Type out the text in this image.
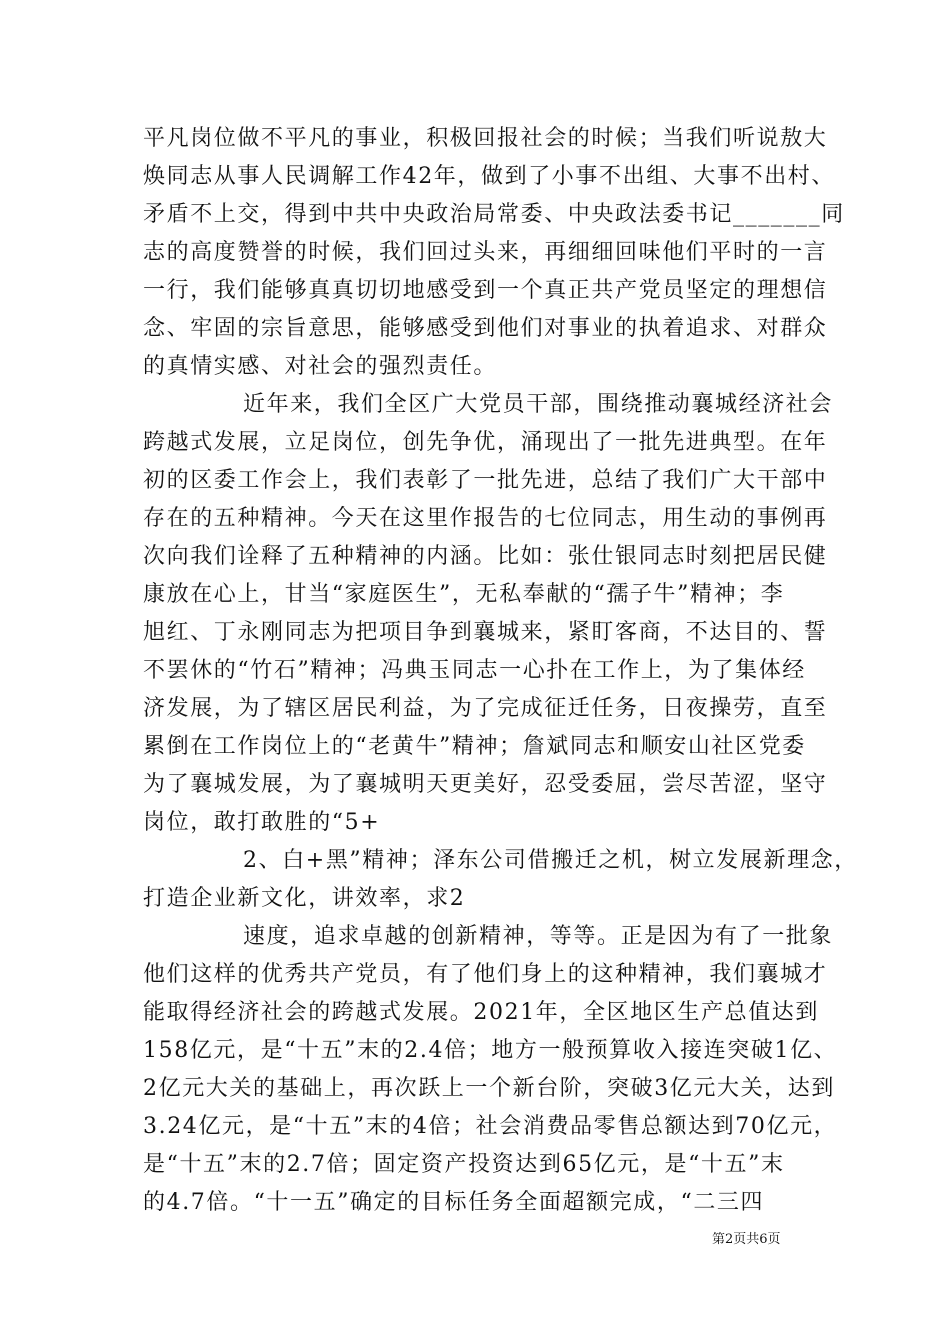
平凡岗位做不平凡的事业，积极回报社会的时候；当我们听说敖大
焕同志从事人民调解工作42年，做到了小事不出组、大事不出村、
矛盾不上交，得到中共中央政治局常委、中央政法委书记_______同
志的高度赞誉的时候，我们回过头来，再细细回味他们平时的一言
一行，我们能够真真切切地感受到一个真正共产党员坚定的理想信
念、牢固的宗旨意思，能够感受到他们对事业的执着追求、对群众
的真情实感、对社会的强烈责任。
近年来，我们全区广大党员干部，围绕推动襄城经济社会
跨越式发展，立足岗位，创先争优，涌现出了一批先进典型。在年
初的区委工作会上，我们表彰了一批先进，总结了我们广大干部中
存在的五种精神。今天在这里作报告的七位同志，用生动的事例再
次向我们诠释了五种精神的内涵。比如：张仕银同志时刻把居民健
康放在心上，甘当“家庭医生”，无私奉献的“孺子牛”精神；李
旭红、丁永刚同志为把项目争到襄城来，紧盯客商，不达目的、誓
不罢休的“竹石”精神；冯典玉同志一心扑在工作上，为了集体经
济发展，为了辖区居民利益，为了完成征迁任务，日夜操劳，直至
累倒在工作岗位上的“老黄牛”精神；詹斌同志和顺安山社区党委
为了襄城发展，为了襄城明天更美好，忍受委屈，尝尽苦涩，坚守
岗位，敢打敢胜的“5+
2、白+黑”精神；泽东公司借搬迁之机，树立发展新理念，
打造企业新文化，讲效率，求2
速度，追求卓越的创新精神，等等。正是因为有了一批象
他们这样的优秀共产党员，有了他们身上的这种精神，我们襄城才
能取得经济社会的跨越式发展。2021年，全区地区生产总值达到
158亿元，是“十五”末的2.4倍；地方一般预算收入接连突破1亿、
2亿元大关的基础上，再次跃上一个新台阶，突破3亿元大关，达到
3.24亿元，是“十五”末的4倍；社会消费品零售总额达到70亿元，
是“十五”末的2.7倍；固定资产投资达到65亿元，是“十五”末
的4.7倍。“十一五”确定的目标任务全面超额完成，“二三四
第2页共6页
